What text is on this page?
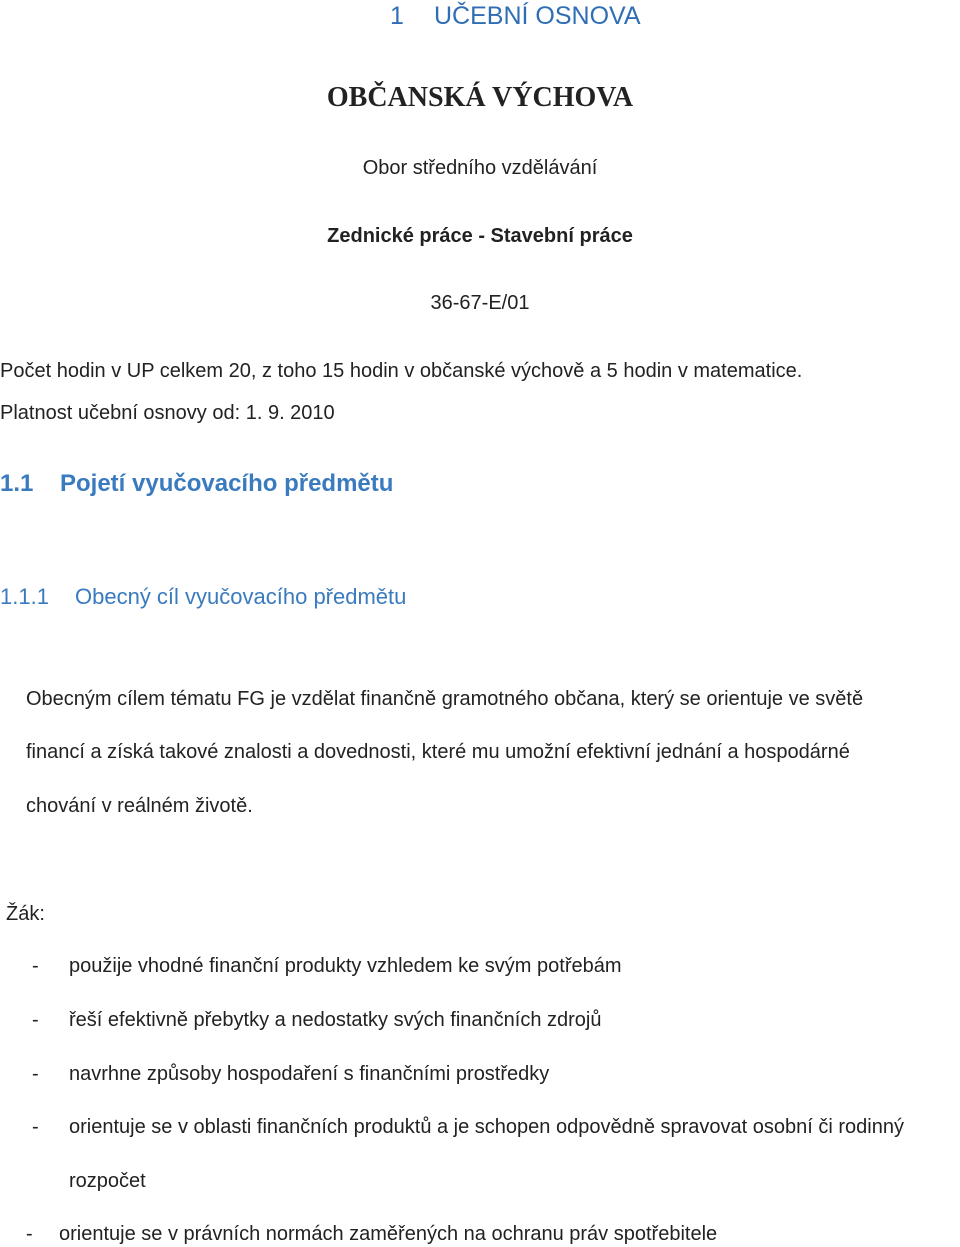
1 UČEBNÍ OSNOVA
OBČANSKÁ VÝCHOVA
Obor středního vzdělávání
Zednické práce - Stavební práce
36-67-E/01
Počet hodin v UP celkem 20, z toho 15 hodin v občanské výchově a 5 hodin v matematice.
Platnost učební osnovy od: 1. 9. 2010
1.1 Pojetí vyučovacího předmětu
1.1.1 Obecný cíl vyučovacího předmětu
Obecným cílem tématu FG je vzdělat finančně gramotného občana, který se orientuje ve světě
financí a získá takové znalosti a dovednosti, které mu umožní efektivní jednání a hospodárné
chování v reálném životě.
Žák:
- použije vhodné finanční produkty vzhledem ke svým potřebám
- řeší efektivně přebytky a nedostatky svých finančních zdrojů
- navrhne způsoby hospodaření s finančními prostředky
- orientuje se v oblasti finančních produktů a je schopen odpovědně spravovat osobní či rodinný
rozpočet
- orientuje se v právních normách zaměřených na ochranu práv spotřebitele
